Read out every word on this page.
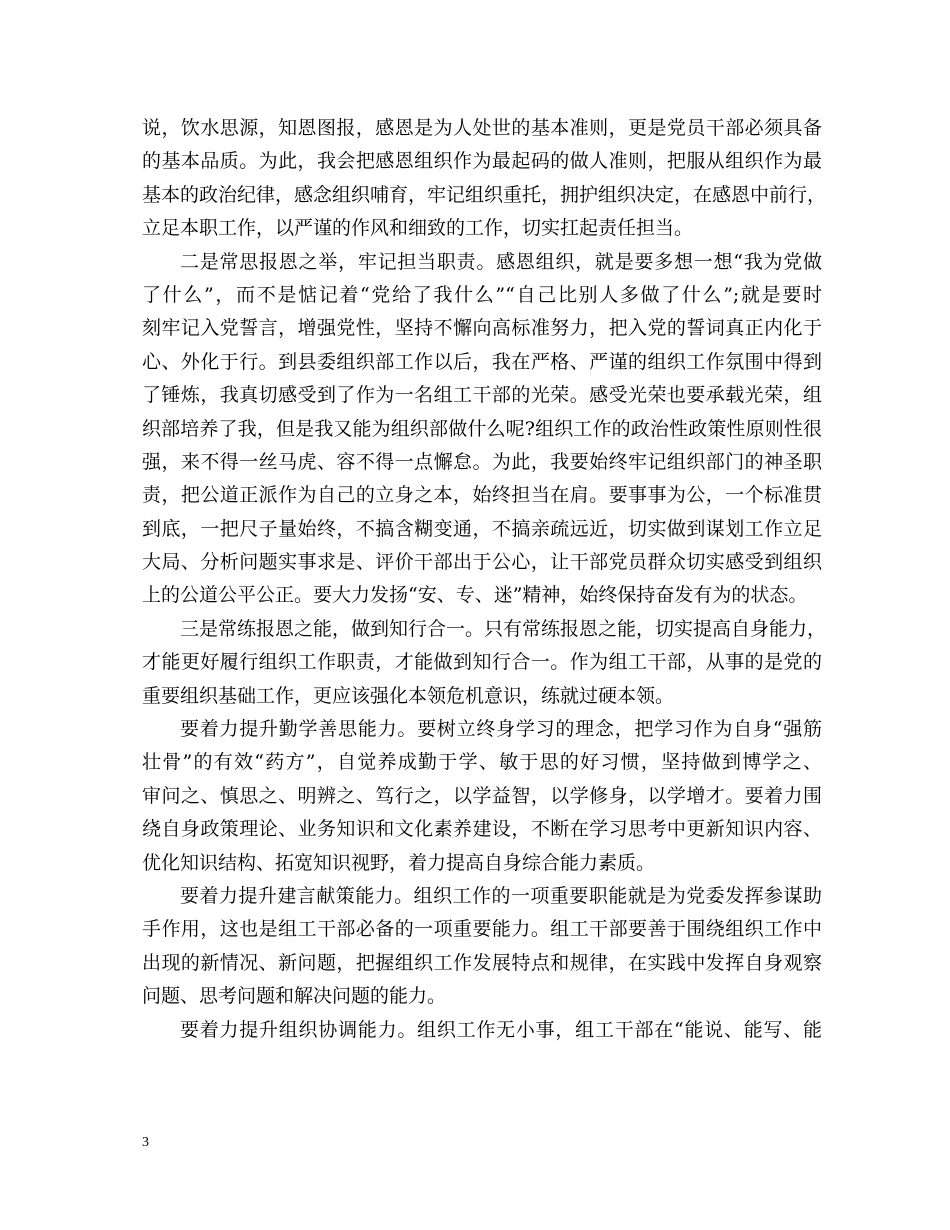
说，饮水思源，知恩图报，感恩是为人处世的基本准则，更是党员干部必须具备
的基本品质。为此，我会把感恩组织作为最起码的做人准则，把服从组织作为最
基本的政治纪律，感念组织哺育，牢记组织重托，拥护组织决定，在感恩中前行，
立足本职工作，以严谨的作风和细致的工作，切实扛起责任担当。
二是常思报恩之举，牢记担当职责。感恩组织，就是要多想一想“我为党做
了什么”，而不是惦记着“党给了我什么”“自己比别人多做了什么”;就是要时
刻牢记入党誓言，增强党性，坚持不懈向高标准努力，把入党的誓词真正内化于
心、外化于行。到县委组织部工作以后，我在严格、严谨的组织工作氛围中得到
了锤炼，我真切感受到了作为一名组工干部的光荣。感受光荣也要承载光荣，组
织部培养了我，但是我又能为组织部做什么呢?组织工作的政治性政策性原则性很
强，来不得一丝马虎、容不得一点懈怠。为此，我要始终牢记组织部门的神圣职
责，把公道正派作为自己的立身之本，始终担当在肩。要事事为公，一个标准贯
到底，一把尺子量始终，不搞含糊变通，不搞亲疏远近，切实做到谋划工作立足
大局、分析问题实事求是、评价干部出于公心，让干部党员群众切实感受到组织
上的公道公平公正。要大力发扬“安、专、迷”精神，始终保持奋发有为的状态。
三是常练报恩之能，做到知行合一。只有常练报恩之能，切实提高自身能力，
才能更好履行组织工作职责，才能做到知行合一。作为组工干部，从事的是党的
重要组织基础工作，更应该强化本领危机意识，练就过硬本领。
要着力提升勤学善思能力。要树立终身学习的理念，把学习作为自身“强筋
壮骨”的有效“药方”，自觉养成勤于学、敏于思的好习惯，坚持做到博学之、
审问之、慎思之、明辨之、笃行之，以学益智，以学修身，以学增才。要着力围
绕自身政策理论、业务知识和文化素养建设，不断在学习思考中更新知识内容、
优化知识结构、拓宽知识视野，着力提高自身综合能力素质。
要着力提升建言献策能力。组织工作的一项重要职能就是为党委发挥参谋助
手作用，这也是组工干部必备的一项重要能力。组工干部要善于围绕组织工作中
出现的新情况、新问题，把握组织工作发展特点和规律，在实践中发挥自身观察
问题、思考问题和解决问题的能力。
要着力提升组织协调能力。组织工作无小事，组工干部在“能说、能写、能
3
